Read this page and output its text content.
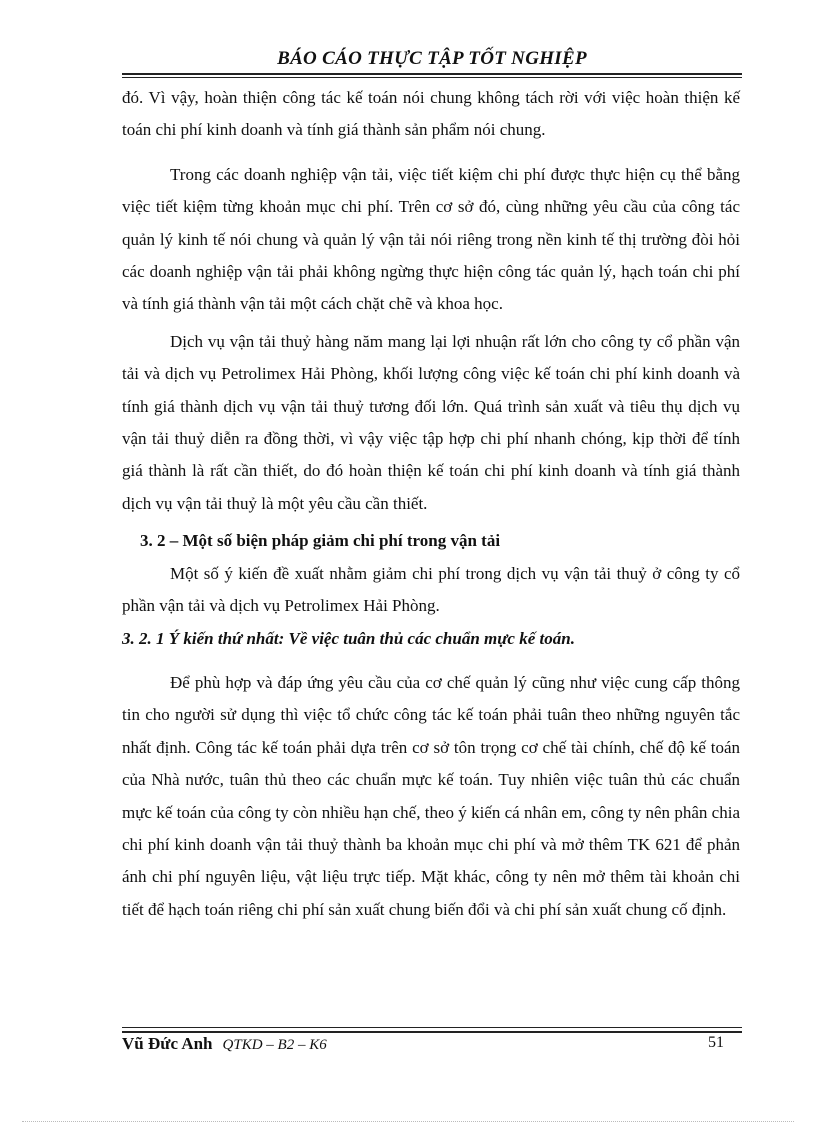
BÁO CÁO THỰC TẬP TỐT NGHIỆP

đó. Vì vậy, hoàn thiện công tác kế toán nói chung không tách rời với việc hoàn thiện kế toán chi phí kinh doanh và tính giá thành sản phẩm nói chung.

Trong các doanh nghiệp vận tải, việc tiết kiệm chi phí được thực hiện cụ thể bằng việc tiết kiệm từng khoản mục chi phí. Trên cơ sở đó, cùng những yêu cầu của công tác quản lý kinh tế nói chung và quản lý vận tải nói riêng trong nền kinh tế thị trường đòi hỏi các doanh nghiệp vận tải phải không ngừng thực hiện công tác quản lý, hạch toán chi phí và tính giá thành vận tải một cách chặt chẽ và khoa học.

Dịch vụ vận tải thuỷ hàng năm mang lại lợi nhuận rất lớn cho công ty cổ phần vận tải và dịch vụ Petrolimex Hải Phòng, khối lượng công việc kế toán chi phí kinh doanh và tính giá thành dịch vụ vận tải thuỷ tương đối lớn. Quá trình sản xuất và tiêu thụ dịch vụ vận tải thuỷ diễn ra đồng thời, vì vậy việc tập hợp chi phí nhanh chóng, kịp thời để tính giá thành là rất cần thiết, do đó hoàn thiện kế toán chi phí kinh doanh và tính giá thành dịch vụ vận tải thuỷ là một yêu cầu cần thiết.

3. 2 – Một số biện pháp giảm chi phí trong vận tải

Một số ý kiến đề xuất nhằm giảm chi phí trong dịch vụ vận tải thuỷ ở công ty cổ phần vận tải và dịch vụ Petrolimex Hải Phòng.

3. 2. 1 Ý kiến thứ nhất: Về việc tuân thủ các chuẩn mực kế toán.

Để phù hợp và đáp ứng yêu cầu của cơ chế quản lý cũng như việc cung cấp thông tin cho người sử dụng thì việc tổ chức công tác kế toán phải tuân theo những nguyên tắc nhất định. Công tác kế toán phải dựa trên cơ sở tôn trọng cơ chế tài chính, chế độ kế toán của Nhà nước, tuân thủ theo các chuẩn mực kế toán. Tuy nhiên việc tuân thủ các chuẩn mực kế toán của công ty còn nhiều hạn chế, theo ý kiến cá nhân em, công ty nên phân chia chi phí kinh doanh vận tải thuỷ thành ba khoản mục chi phí và mở thêm TK 621 để phản ánh chi phí nguyên liệu, vật liệu trực tiếp. Mặt khác, công ty nên mở thêm tài khoản chi tiết để hạch toán riêng chi phí sản xuất chung biến đổi và chi phí sản xuất chung cố định.

Vũ Đức Anh QTKD – B2 – K6	51
